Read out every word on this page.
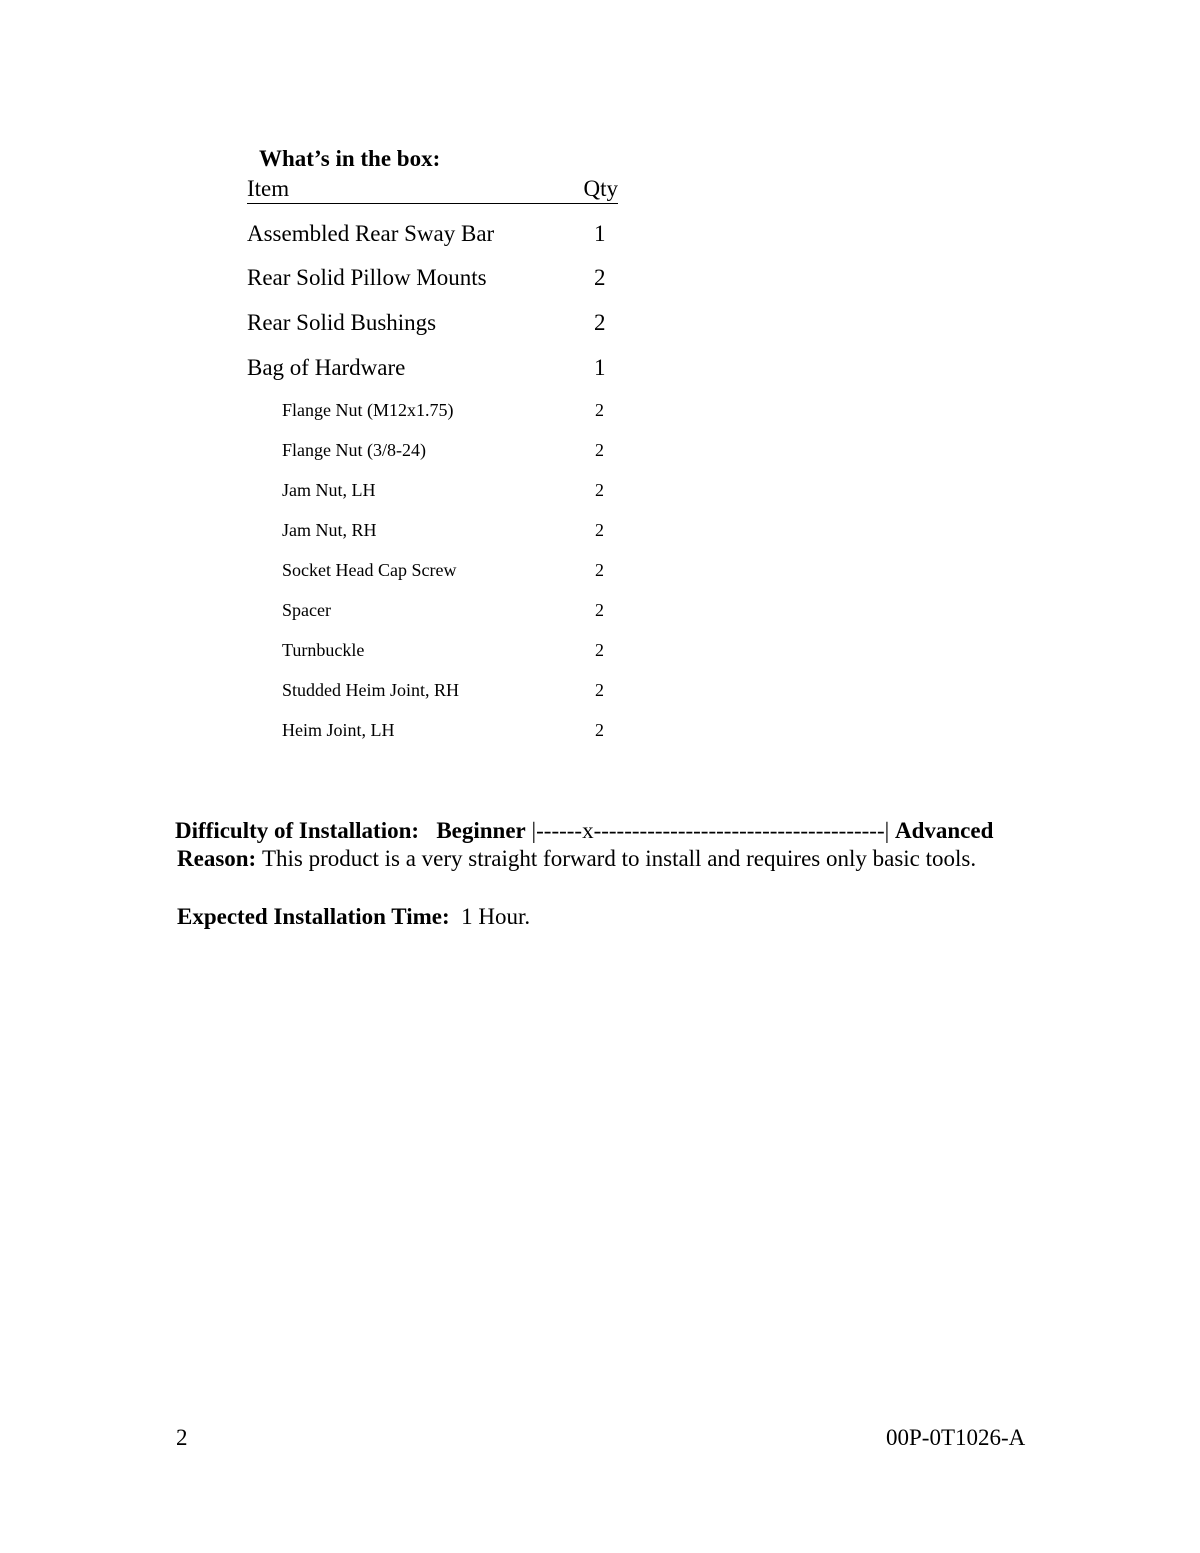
What’s in the box:
Item	Qty
Assembled Rear Sway Bar	1
Rear Solid Pillow Mounts	2
Rear Solid Bushings	2
Bag of Hardware	1
Flange Nut (M12x1.75)	2
Flange Nut (3/8-24)	2
Jam Nut, LH	2
Jam Nut, RH	2
Socket Head Cap Screw	2
Spacer	2
Turnbuckle	2
Studded Heim Joint, RH	2
Heim Joint, LH	2
Difficulty of Installation: Beginner |------x--------------------------------------| Advanced
Reason: This product is a very straight forward to install and requires only basic tools.
Expected Installation Time: 1 Hour.
2	00P-0T1026-A
